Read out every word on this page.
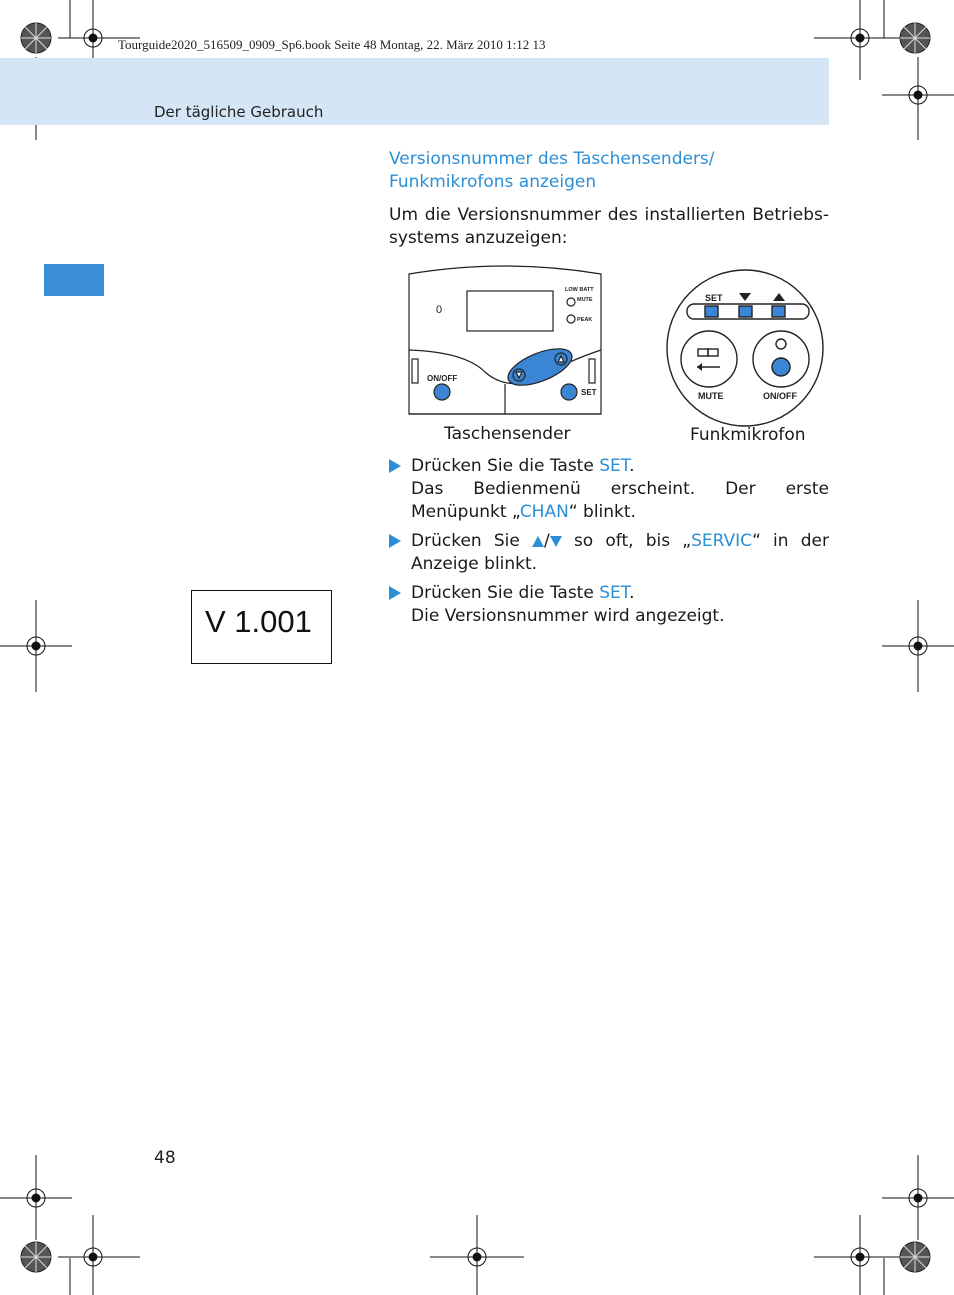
Tourguide2020_516509_0909_Sp6.book Seite 48 Montag, 22. März 2010 1:12 13
Der tägliche Gebrauch
Versionsnummer des Taschensenders/
Funkmikrofons anzeigen
Um die Versionsnummer des installierten Betriebs-systems anzuzeigen:
0
LOW BATT
MUTE
PEAK
ON/OFF
SET
SET
MUTE	ON/OFF
Taschensender	Funkmikrofon

Drücken Sie die Taste SET.

Das Bedienmenü erscheint. Der erste Menüpunkt „CHAN“ blinkt.

Drücken Sie / so oft, bis „SERVIC“ in der Anzeige blinkt.

Drücken Sie die Taste SET.

Die Versionsnummer wird angezeigt.

V 1.001
48
